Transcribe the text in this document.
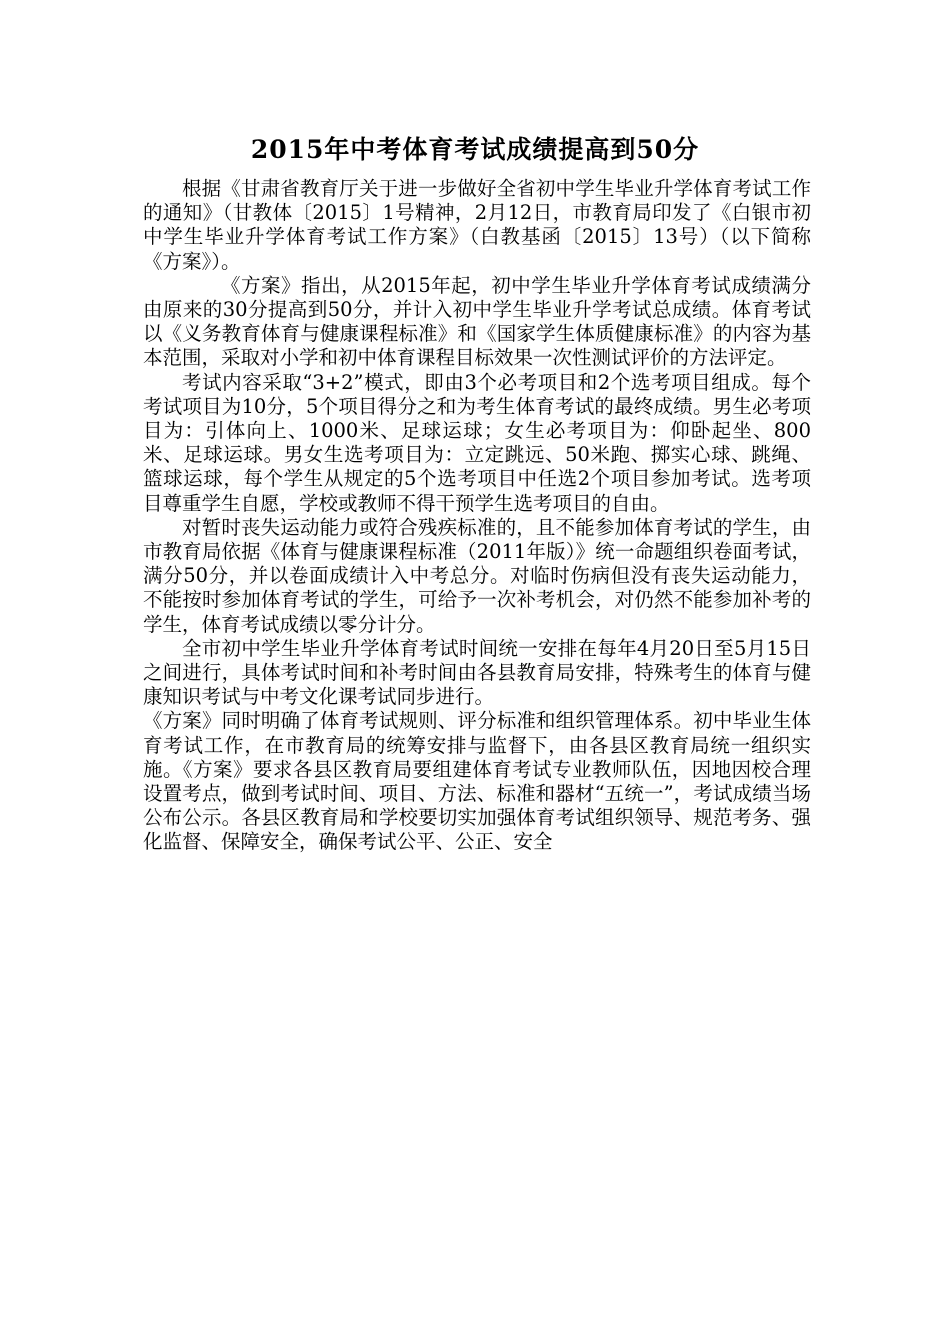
2015年中考体育考试成绩提高到50分

根据《甘肃省教育厅关于进一步做好全省初中学生毕业升学体育考试工作的通知》（甘教体〔2015〕1号精神，2月12日，市教育局印发了《白银市初中学生毕业升学体育考试工作方案》（白教基函〔2015〕13号）（以下简称《方案》）。

《方案》指出，从2015年起，初中学生毕业升学体育考试成绩满分由原来的30分提高到50分，并计入初中学生毕业升学考试总成绩。体育考试以《义务教育体育与健康课程标准》和《国家学生体质健康标准》的内容为基本范围，采取对小学和初中体育课程目标效果一次性测试评价的方法评定。

考试内容采取“3+2”模式，即由3个必考项目和2个选考项目组成。每个考试项目为10分，5个项目得分之和为考生体育考试的最终成绩。男生必考项目为：引体向上、1000米、足球运球；女生必考项目为：仰卧起坐、800米、足球运球。男女生选考项目为：立定跳远、50米跑、掷实心球、跳绳、篮球运球，每个学生从规定的5个选考项目中任选2个项目参加考试。选考项目尊重学生自愿，学校或教师不得干预学生选考项目的自由。

对暂时丧失运动能力或符合残疾标准的，且不能参加体育考试的学生，由市教育局依据《体育与健康课程标准（2011年版）》统一命题组织卷面考试，满分50分，并以卷面成绩计入中考总分。对临时伤病但没有丧失运动能力，不能按时参加体育考试的学生，可给予一次补考机会，对仍然不能参加补考的学生，体育考试成绩以零分计分。

全市初中学生毕业升学体育考试时间统一安排在每年4月20日至5月15日之间进行，具体考试时间和补考时间由各县教育局安排，特殊考生的体育与健康知识考试与中考文化课考试同步进行。

《方案》同时明确了体育考试规则、评分标准和组织管理体系。初中毕业生体育考试工作，在市教育局的统筹安排与监督下，由各县区教育局统一组织实施。《方案》要求各县区教育局要组建体育考试专业教师队伍，因地因校合理设置考点，做到考试时间、项目、方法、标准和器材“五统一”，考试成绩当场公布公示。各县区教育局和学校要切实加强体育考试组织领导、规范考务、强化监督、保障安全，确保考试公平、公正、安全
